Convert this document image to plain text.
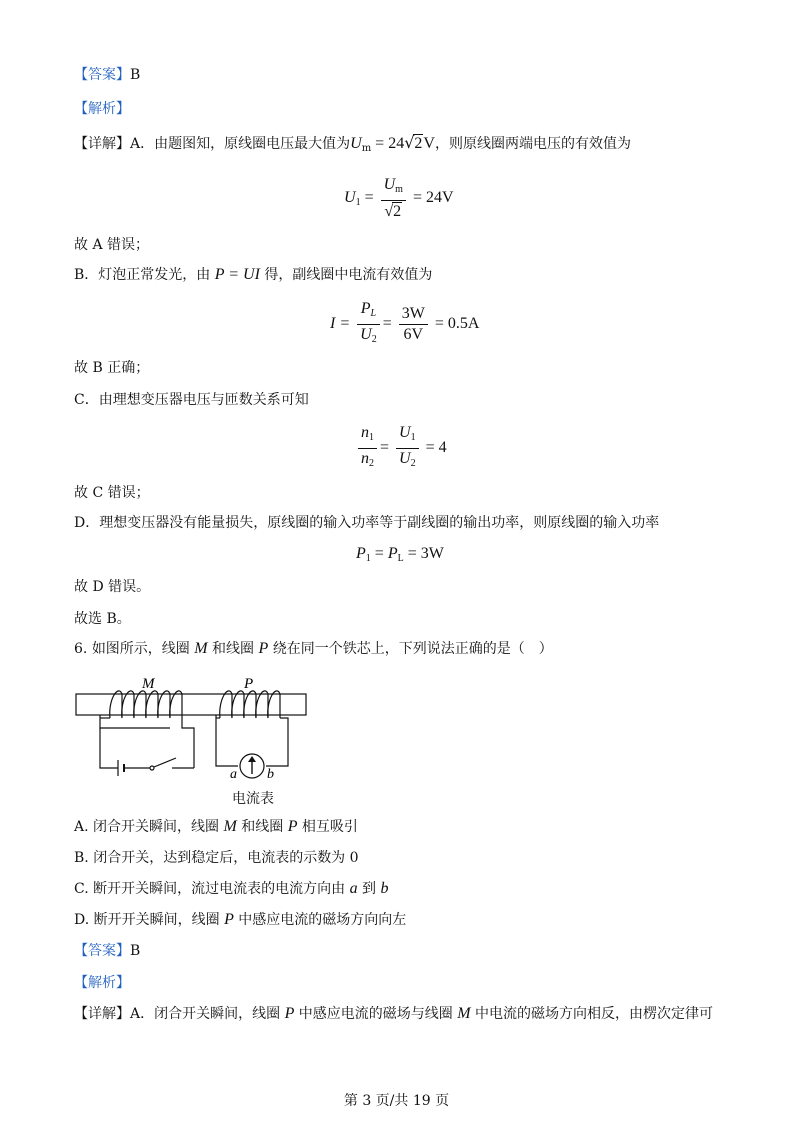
【答案】B
【解析】
【详解】A．由题图知，原线圈电压最大值为$U_m = 24√2V$，则原线圈两端电压的有效值为
$U_1 = \frac{U_m}{√2} = 24V$
故 A 错误；
B．灯泡正常发光，由 P = UI 得，副线圈中电流有效值为
$I = \frac{P_L}{U_2} = \frac{3W}{6V} = 0.5A$
故 B 正确；
C．由理想变压器电压与匝数关系可知
$\frac{n_1}{n_2} = \frac{U_1}{U_2} = 4$
故 C 错误；
D．理想变压器没有能量损失，原线圈的输入功率等于副线圈的输出功率，则原线圈的输入功率
$P_1 = P_L = 3W$
故 D 错误。
故选 B。
6. 如图所示，线圈 M 和线圈 P 绕在同一个铁芯上，下列说法正确的是（　）
M	P
a b
电流表
A. 闭合开关瞬间，线圈 M 和线圈 P 相互吸引
B. 闭合开关，达到稳定后，电流表的示数为 0
C. 断开开关瞬间，流过电流表的电流方向由 a 到 b
D. 断开开关瞬间，线圈 P 中感应电流的磁场方向向左
【答案】B
【解析】
【详解】A．闭合开关瞬间，线圈 P 中感应电流的磁场与线圈 M 中电流的磁场方向相反，由楞次定律可
第 3 页/共 19 页
